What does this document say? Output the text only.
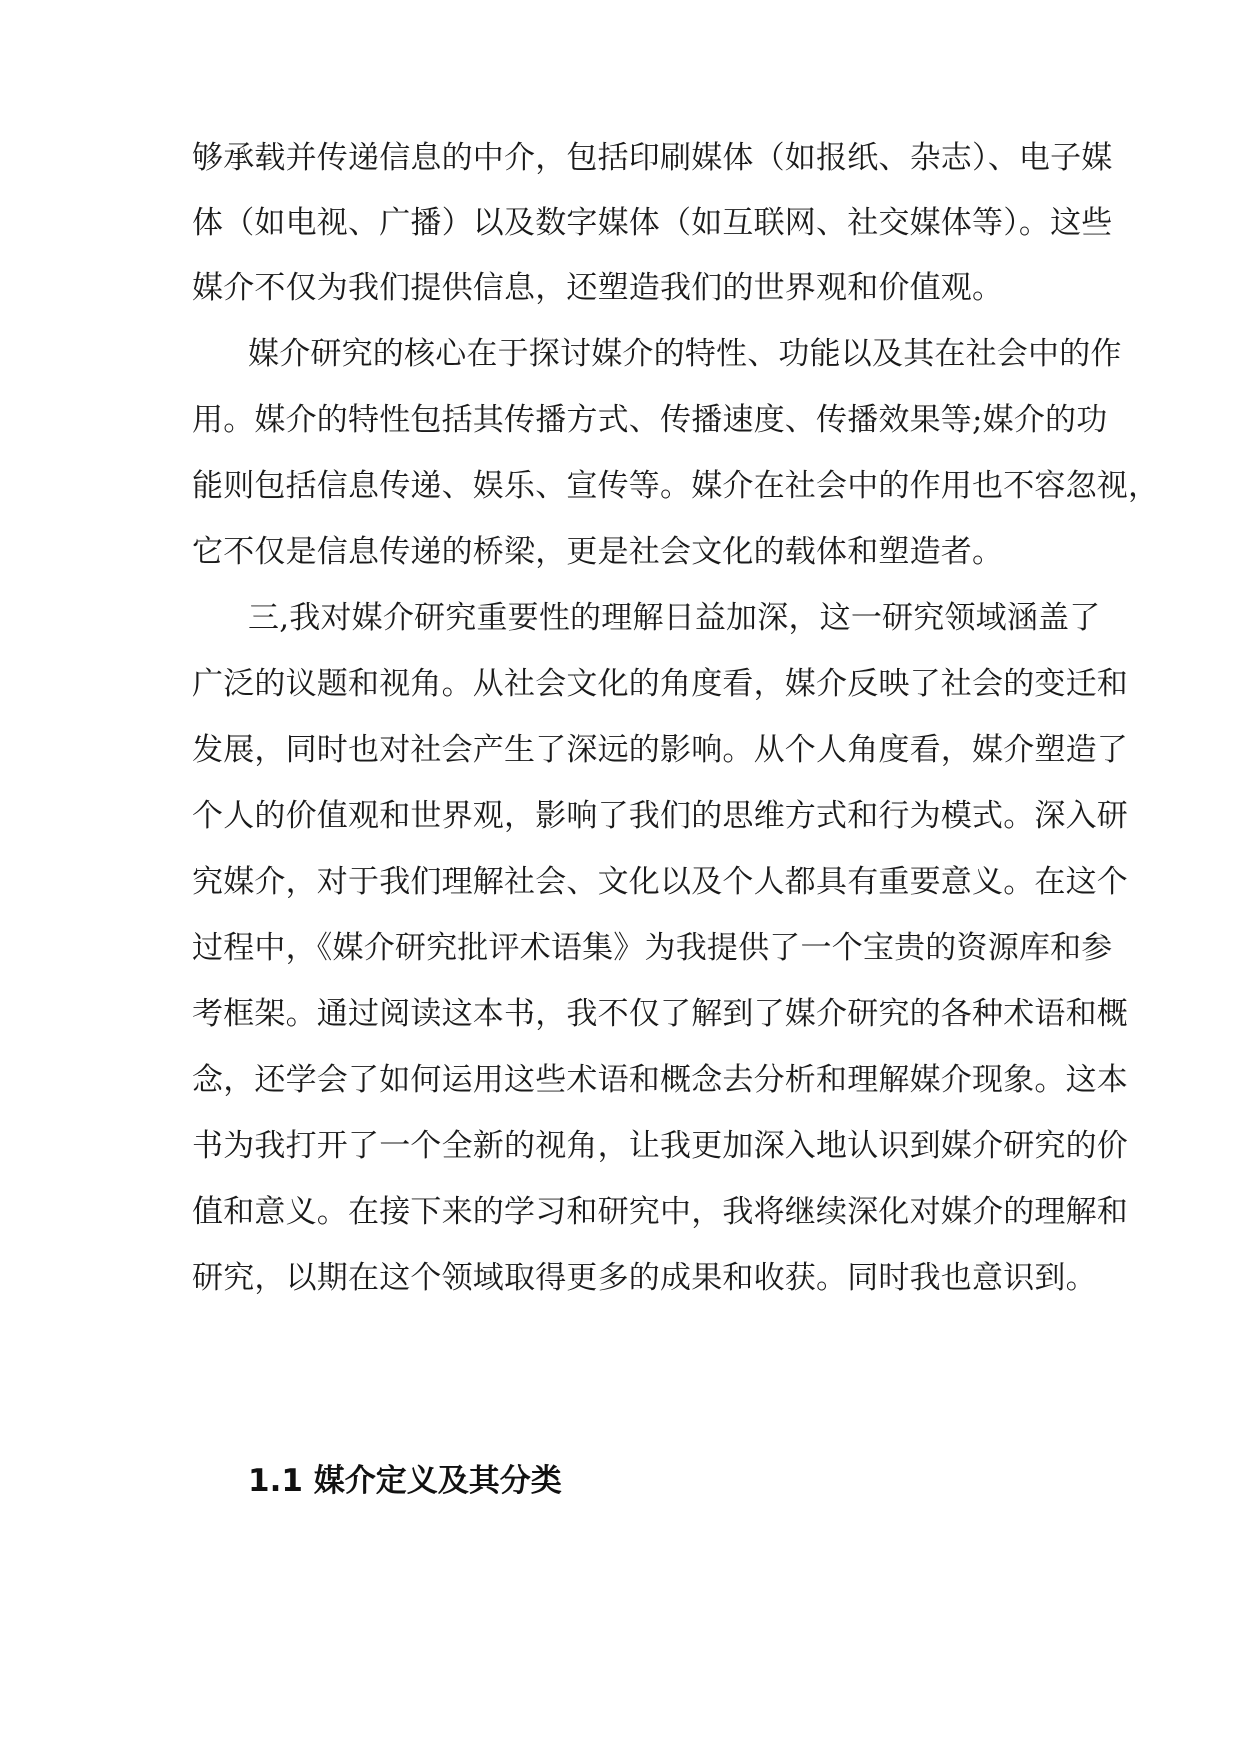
够承载并传递信息的中介，包括印刷媒体（如报纸、杂志）、电子媒
体（如电视、广播）以及数字媒体（如互联网、社交媒体等）。这些
媒介不仅为我们提供信息，还塑造我们的世界观和价值观。
媒介研究的核心在于探讨媒介的特性、功能以及其在社会中的作
用。媒介的特性包括其传播方式、传播速度、传播效果等;媒介的功
能则包括信息传递、娱乐、宣传等。媒介在社会中的作用也不容忽视，
它不仅是信息传递的桥梁，更是社会文化的载体和塑造者。
三,我对媒介研究重要性的理解日益加深，这一研究领域涵盖了
广泛的议题和视角。从社会文化的角度看，媒介反映了社会的变迁和
发展，同时也对社会产生了深远的影响。从个人角度看，媒介塑造了
个人的价值观和世界观，影响了我们的思维方式和行为模式。深入研
究媒介，对于我们理解社会、文化以及个人都具有重要意义。在这个
过程中，《媒介研究批评术语集》为我提供了一个宝贵的资源库和参
考框架。通过阅读这本书，我不仅了解到了媒介研究的各种术语和概
念，还学会了如何运用这些术语和概念去分析和理解媒介现象。这本
书为我打开了一个全新的视角，让我更加深入地认识到媒介研究的价
值和意义。在接下来的学习和研究中，我将继续深化对媒介的理解和
研究，以期在这个领域取得更多的成果和收获。同时我也意识到。
1.1 媒介定义及其分类
